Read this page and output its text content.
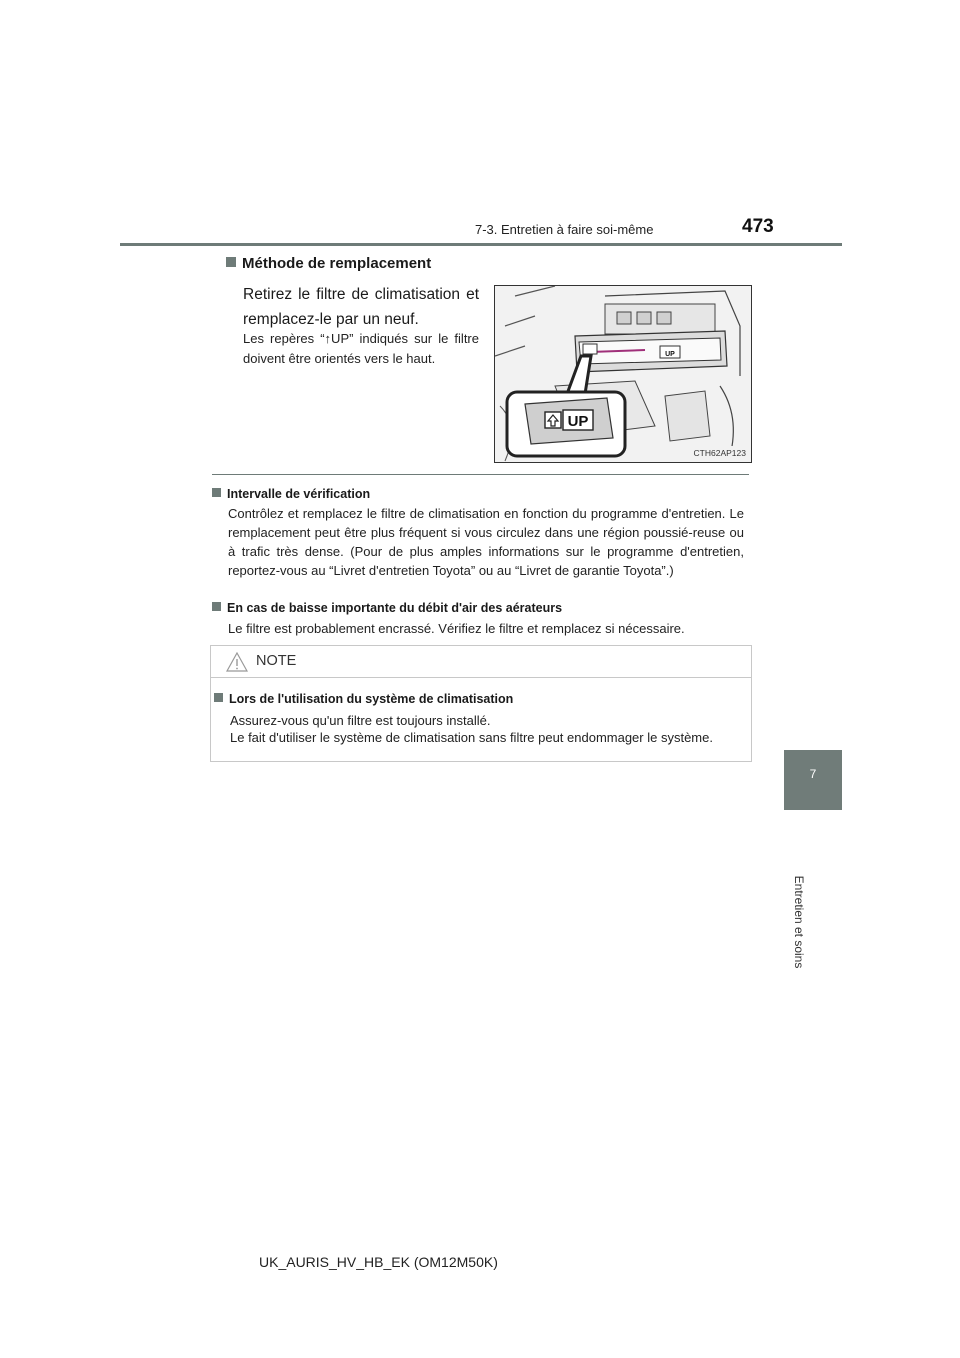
7-3. Entretien à faire soi-même	473
7
Entretien et soins
Méthode de remplacement
Retirez le filtre de climatisation et remplacez-le par un neuf.
Les repères “↑UP” indiqués sur le filtre doivent être orientés vers le haut.
UP
UP
CTH62AP123
Intervalle de vérification
Contrôlez et remplacez le filtre de climatisation en fonction du programme d'entretien. Le remplacement peut être plus fréquent si vous circulez dans une région poussié-reuse ou à trafic très dense. (Pour de plus amples informations sur le programme d'entretien, reportez-vous au “Livret d'entretien Toyota” ou au “Livret de garantie Toyota”.)
En cas de baisse importante du débit d'air des aérateurs
Le filtre est probablement encrassé. Vérifiez le filtre et remplacez si nécessaire.
NOTE
Lors de l'utilisation du système de climatisation
Assurez-vous qu'un filtre est toujours installé.
Le fait d'utiliser le système de climatisation sans filtre peut endommager le système.
UK_AURIS_HV_HB_EK (OM12M50K)
